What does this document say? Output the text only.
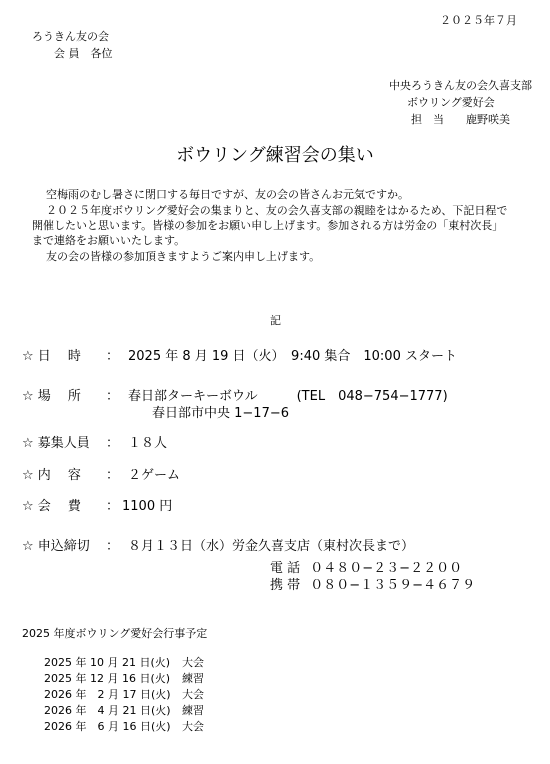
２０２５年７月
ろうきん友の会
会 員　各位
中央ろうきん友の会久喜支部
ボウリング愛好会
担　当　　鹿野咲美
ボウリング練習会の集い
空梅雨のむし暑さに閉口する毎日ですが、友の会の皆さんお元気ですか。
２０２５年度ボウリング愛好会の集まりと、友の会久喜支部の親睦をはかるため、下記日程で
開催したいと思います。皆様の参加をお願い申し上げます。参加される方は労金の「東村次長」
まで連絡をお願いいたします。
友の会の皆様の参加頂きますようご案内申し上げます。
記
☆ 日　 時 ： 2025 年 8 月 19 日（火）　9:40 集合　10:00 スタート
☆ 場　 所 ： 春日部ターキーボウル　　　(TEL　048−754−1777)
春日部市中央 1−17−6
☆ 募集人員 ： １８人
☆ 内　 容 ： ２ゲーム
☆ 会　 費 ： 1100 円
☆ 申込締切 ： ８月１３日（水）労金久喜支店（東村次長まで）
電 話 ０４８０−２３−２２００
携 帯 ０８０−１３５９−４６７９
2025 年度ボウリング愛好会行事予定
2025 年 10 月 21 日(火) 大会
2025 年 12 月 16 日(火) 練習
2026 年　2 月 17 日(火) 大会
2026 年　4 月 21 日(火) 練習
2026 年　6 月 16 日(火) 大会
